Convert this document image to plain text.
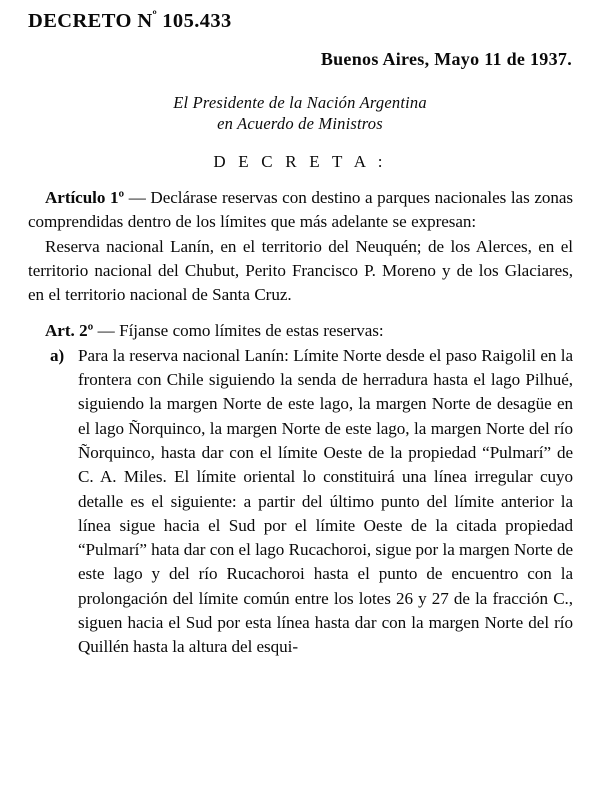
DECRETO $N^º$ 105.433
Buenos Aires, Mayo 11 de 1937.
El Presidente de la Nación Argentina
en Acuerdo de Ministros
D E C R E T A :

Artículo 1º — Declárase reservas con destino a parques nacionales las zonas comprendidas dentro de los límites que más adelante se expresan:

Reserva nacional Lanín, en el territorio del Neuquén; de los Alerces, en el territorio nacional del Chubut, Perito Francisco P. Moreno y de los Glaciares, en el territorio nacional de Santa Cruz.

Art. 2º — Fíjanse como límites de estas reservas:

a) Para la reserva nacional Lanín: Límite Norte desde el paso Raigolil en la frontera con Chile siguiendo la senda de herradura hasta el lago Pilhué, siguiendo la margen Norte de este lago, la margen Norte de desagüe en el lago Ñorquinco, la margen Norte de este lago, la margen Norte del río Ñorquinco, hasta dar con el límite Oeste de la propiedad “Pulmarí” de C. A. Miles. El límite oriental lo constituirá una línea irregular cuyo detalle es el siguiente: a partir del último punto del límite anterior la línea sigue hacia el Sud por el límite Oeste de la citada propiedad “Pulmarí” hata dar con el lago Rucachoroi, sigue por la margen Norte de este lago y del río Rucachoroi hasta el punto de encuentro con la prolongación del límite común entre los lotes 26 y 27 de la fracción C., siguen hacia el Sud por esta línea hasta dar con la margen Norte del río Quillén hasta la altura del esqui-
